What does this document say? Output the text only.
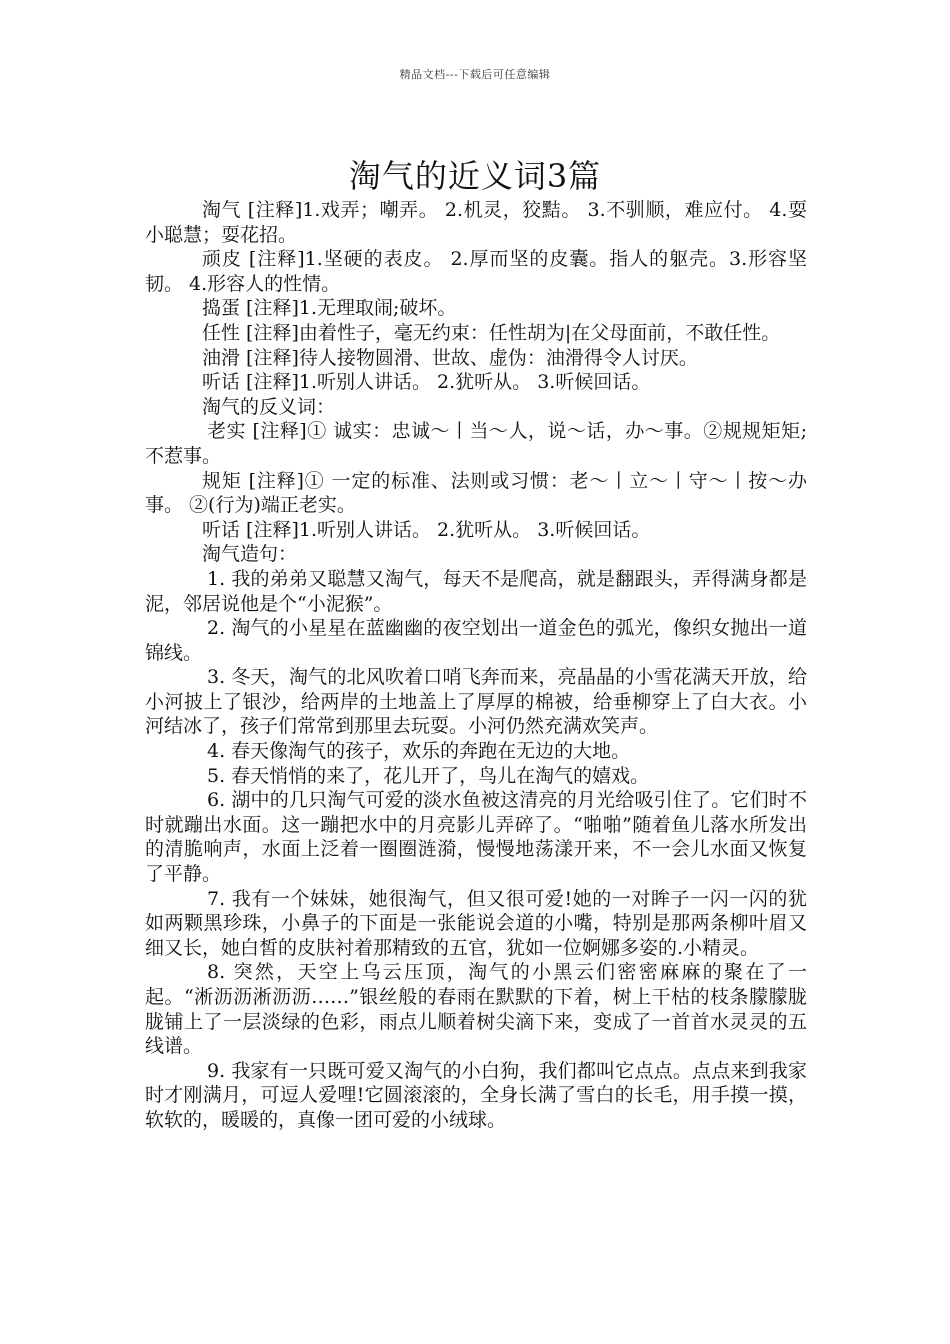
精品文档---下载后可任意编辑
淘气的近义词3篇

淘气 [注释]1.戏弄；嘲弄。 2.机灵，狡黠。 3.不驯顺，难应付。 4.耍小聪慧；耍花招。

顽皮 [注释]1.坚硬的表皮。 2.厚而坚的皮囊。指人的躯壳。3.形容坚韧。 4.形容人的性情。

捣蛋 [注释]1.无理取闹;破坏。

任性 [注释]由着性子，毫无约束：任性胡为|在父母面前，不敢任性。

油滑 [注释]待人接物圆滑、世故、虚伪：油滑得令人讨厌。

听话 [注释]1.听别人讲话。 2.犹听从。 3.听候回话。

淘气的反义词：

老实 [注释]① 诚实：忠诚～丨当～人，说～话，办～事。②规规矩矩;不惹事。

规矩 [注释]① 一定的标准、法则或习惯：老～丨立～丨守～丨按～办事。 ②(行为)端正老实。

听话 [注释]1.听别人讲话。 2.犹听从。 3.听候回话。

淘气造句：

1. 我的弟弟又聪慧又淘气，每天不是爬高，就是翻跟头，弄得满身都是泥，邻居说他是个“小泥猴”。

2. 淘气的小星星在蓝幽幽的夜空划出一道金色的弧光，像织女抛出一道锦线。

3. 冬天，淘气的北风吹着口哨飞奔而来，亮晶晶的小雪花满天开放，给小河披上了银沙，给两岸的土地盖上了厚厚的棉被，给垂柳穿上了白大衣。小河结冰了，孩子们常常到那里去玩耍。小河仍然充满欢笑声。

4. 春天像淘气的孩子，欢乐的奔跑在无边的大地。

5. 春天悄悄的来了，花儿开了，鸟儿在淘气的嬉戏。

6. 湖中的几只淘气可爱的淡水鱼被这清亮的月光给吸引住了。它们时不时就蹦出水面。这一蹦把水中的月亮影儿弄碎了。“啪啪”随着鱼儿落水所发出的清脆响声，水面上泛着一圈圈涟漪，慢慢地荡漾开来，不一会儿水面又恢复了平静。

7. 我有一个妹妹，她很淘气，但又很可爱!她的一对眸子一闪一闪的犹如两颗黑珍珠，小鼻子的下面是一张能说会道的小嘴，特别是那两条柳叶眉又细又长，她白皙的皮肤衬着那精致的五官，犹如一位婀娜多姿的.小精灵。

8. 突然，天空上乌云压顶，淘气的小黑云们密密麻麻的聚在了一起。“淅沥沥淅沥沥……”银丝般的春雨在默默的下着，树上干枯的枝条朦朦胧胧铺上了一层淡绿的色彩，雨点儿顺着树尖滴下来，变成了一首首水灵灵的五线谱。

9. 我家有一只既可爱又淘气的小白狗，我们都叫它点点。点点来到我家时才刚满月，可逗人爱哩!它圆滚滚的，全身长满了雪白的长毛，用手摸一摸，软软的，暖暖的，真像一团可爱的小绒球。
